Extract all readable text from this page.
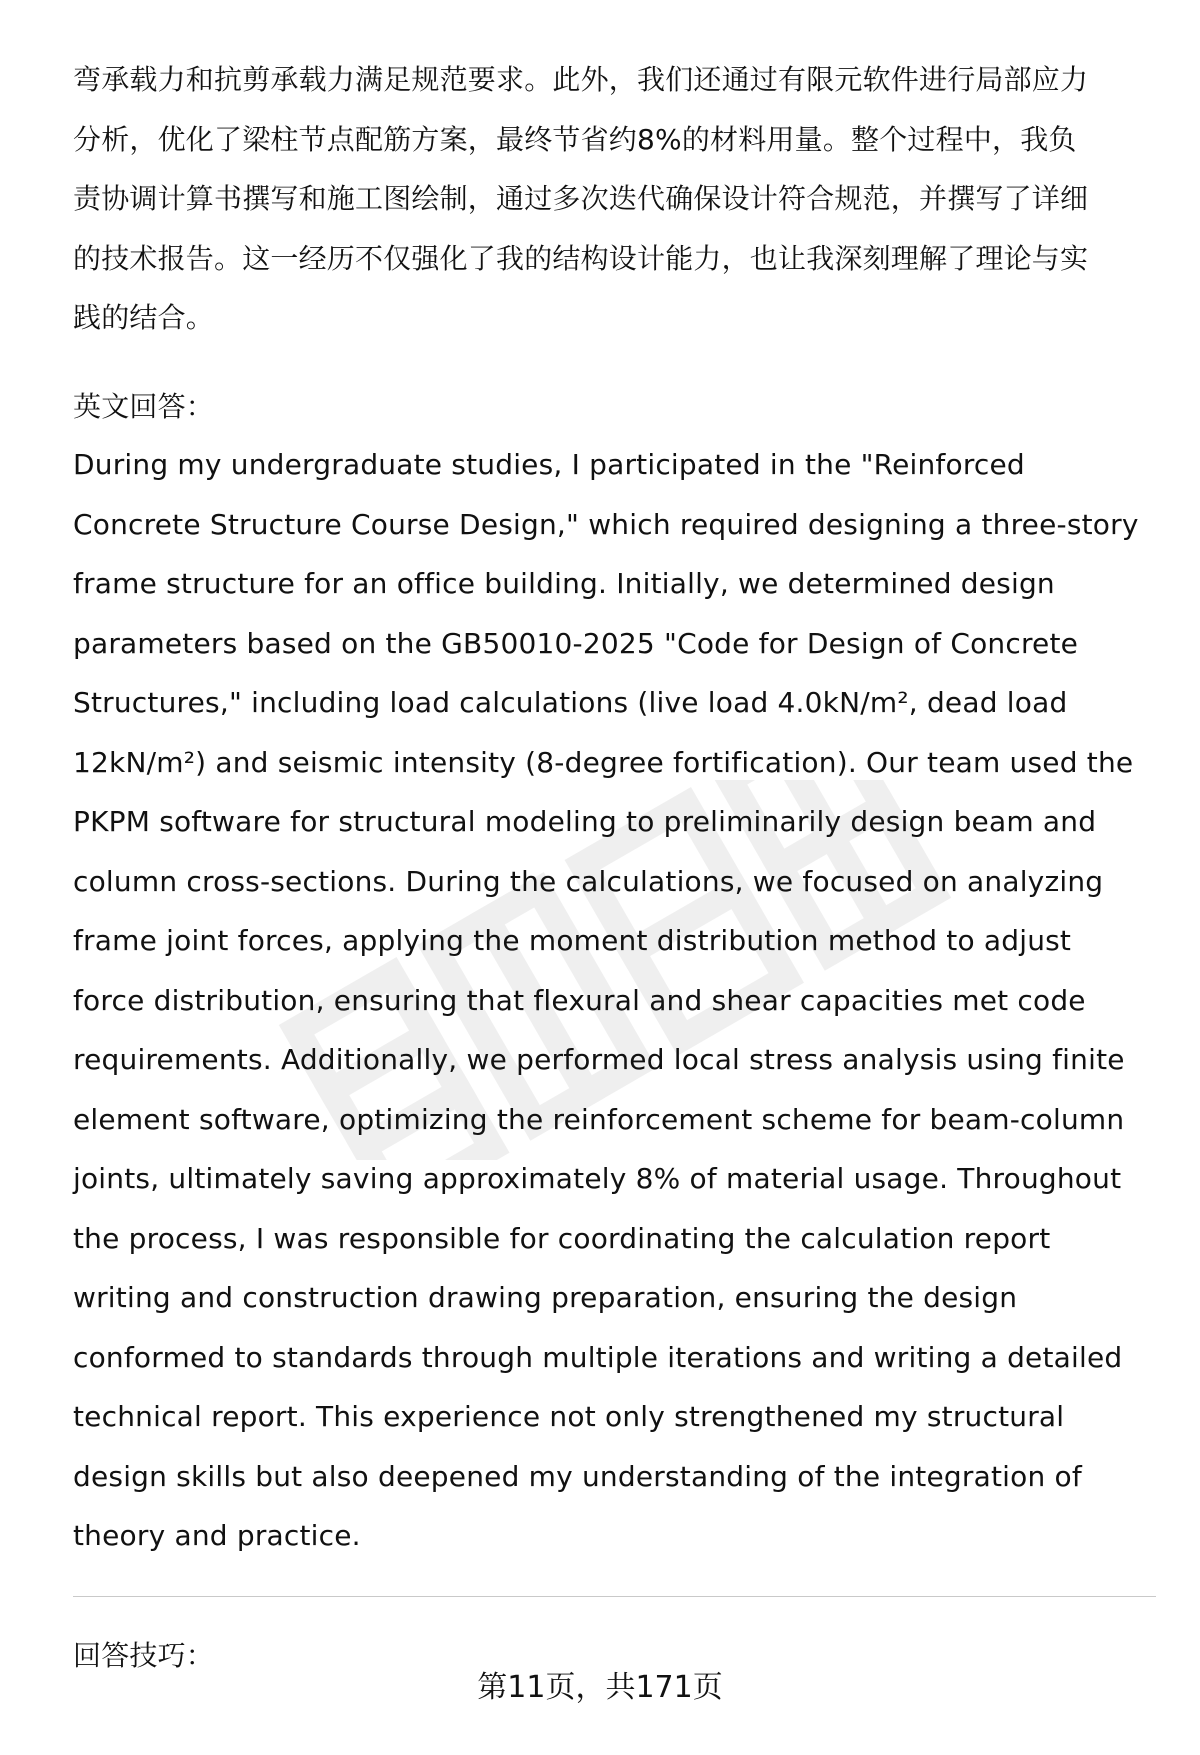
弯承载力和抗剪承载力满足规范要求。此外，我们还通过有限元软件进行局部应力
分析，优化了梁柱节点配筋方案，最终节省约8%的材料用量。整个过程中，我负
责协调计算书撰写和施工图绘制，通过多次迭代确保设计符合规范，并撰写了详细
的技术报告。这一经历不仅强化了我的结构设计能力，也让我深刻理解了理论与实
践的结合。

英文回答：

During my undergraduate studies, I participated in the "Reinforced
Concrete Structure Course Design," which required designing a three-story
frame structure for an office building. Initially, we determined design
parameters based on the GB50010-2025 "Code for Design of Concrete
Structures," including load calculations (live load 4.0kN/m², dead load
12kN/m²) and seismic intensity (8-degree fortification). Our team used the
PKPM software for structural modeling to preliminarily design beam and
column cross-sections. During the calculations, we focused on analyzing
frame joint forces, applying the moment distribution method to adjust
force distribution, ensuring that flexural and shear capacities met code
requirements. Additionally, we performed local stress analysis using finite
element software, optimizing the reinforcement scheme for beam-column
joints, ultimately saving approximately 8% of material usage. Throughout
the process, I was responsible for coordinating the calculation report
writing and construction drawing preparation, ensuring the design
conformed to standards through multiple iterations and writing a detailed
technical report. This experience not only strengthened my structural
design skills but also deepened my understanding of the integration of
theory and practice.

回答技巧：

第11页，共171页
